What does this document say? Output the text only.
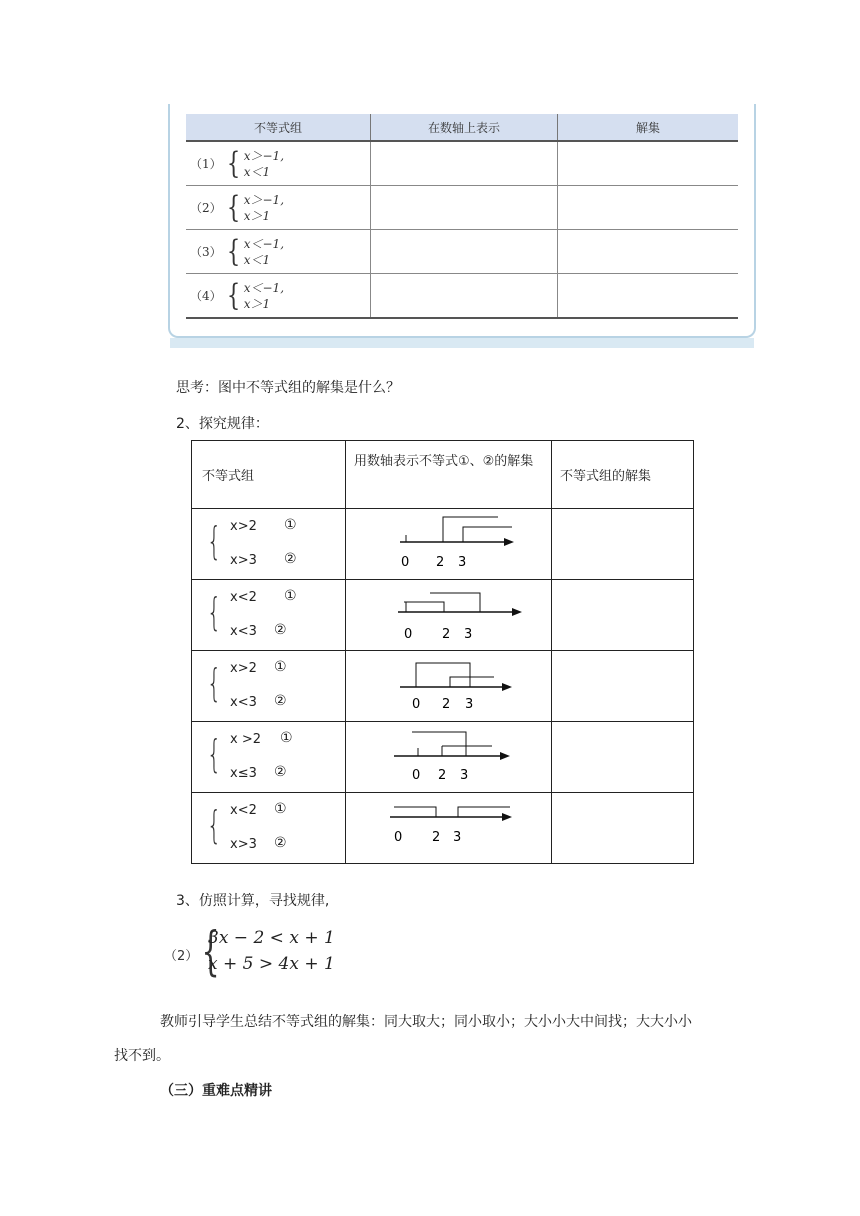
不等式组	在数轴上表示	解集

（1） { x＞−1,
x＜1		

（2） { x＞−1,
x＞1		

（3） { x＜−1,
x＜1		

（4） { x＜−1,
x＞1		

思考：图中不等式组的解集是什么？
2、探究规律：
不等式组	用数轴表示不等式①、②的解集	不等式组的解集

{ x>2 ①
x>3 ②	0 2 3	

{ x<2 ①
x<3 ②	0 2 3	

{ x>2 ①
x<3 ②	0 2 3	

{ x >2 ①
x≤3 ②	0 2 3	

{ x<2 ①
x>3 ②	0 2 3	

3、仿照计算，寻找规律,
（2） {
3x − 2 < x + 1
x + 5 > 4x + 1
教师引导学生总结不等式组的解集：同大取大；同小取小；大小小大中间找；大大小小
找不到。
（三）重难点精讲
